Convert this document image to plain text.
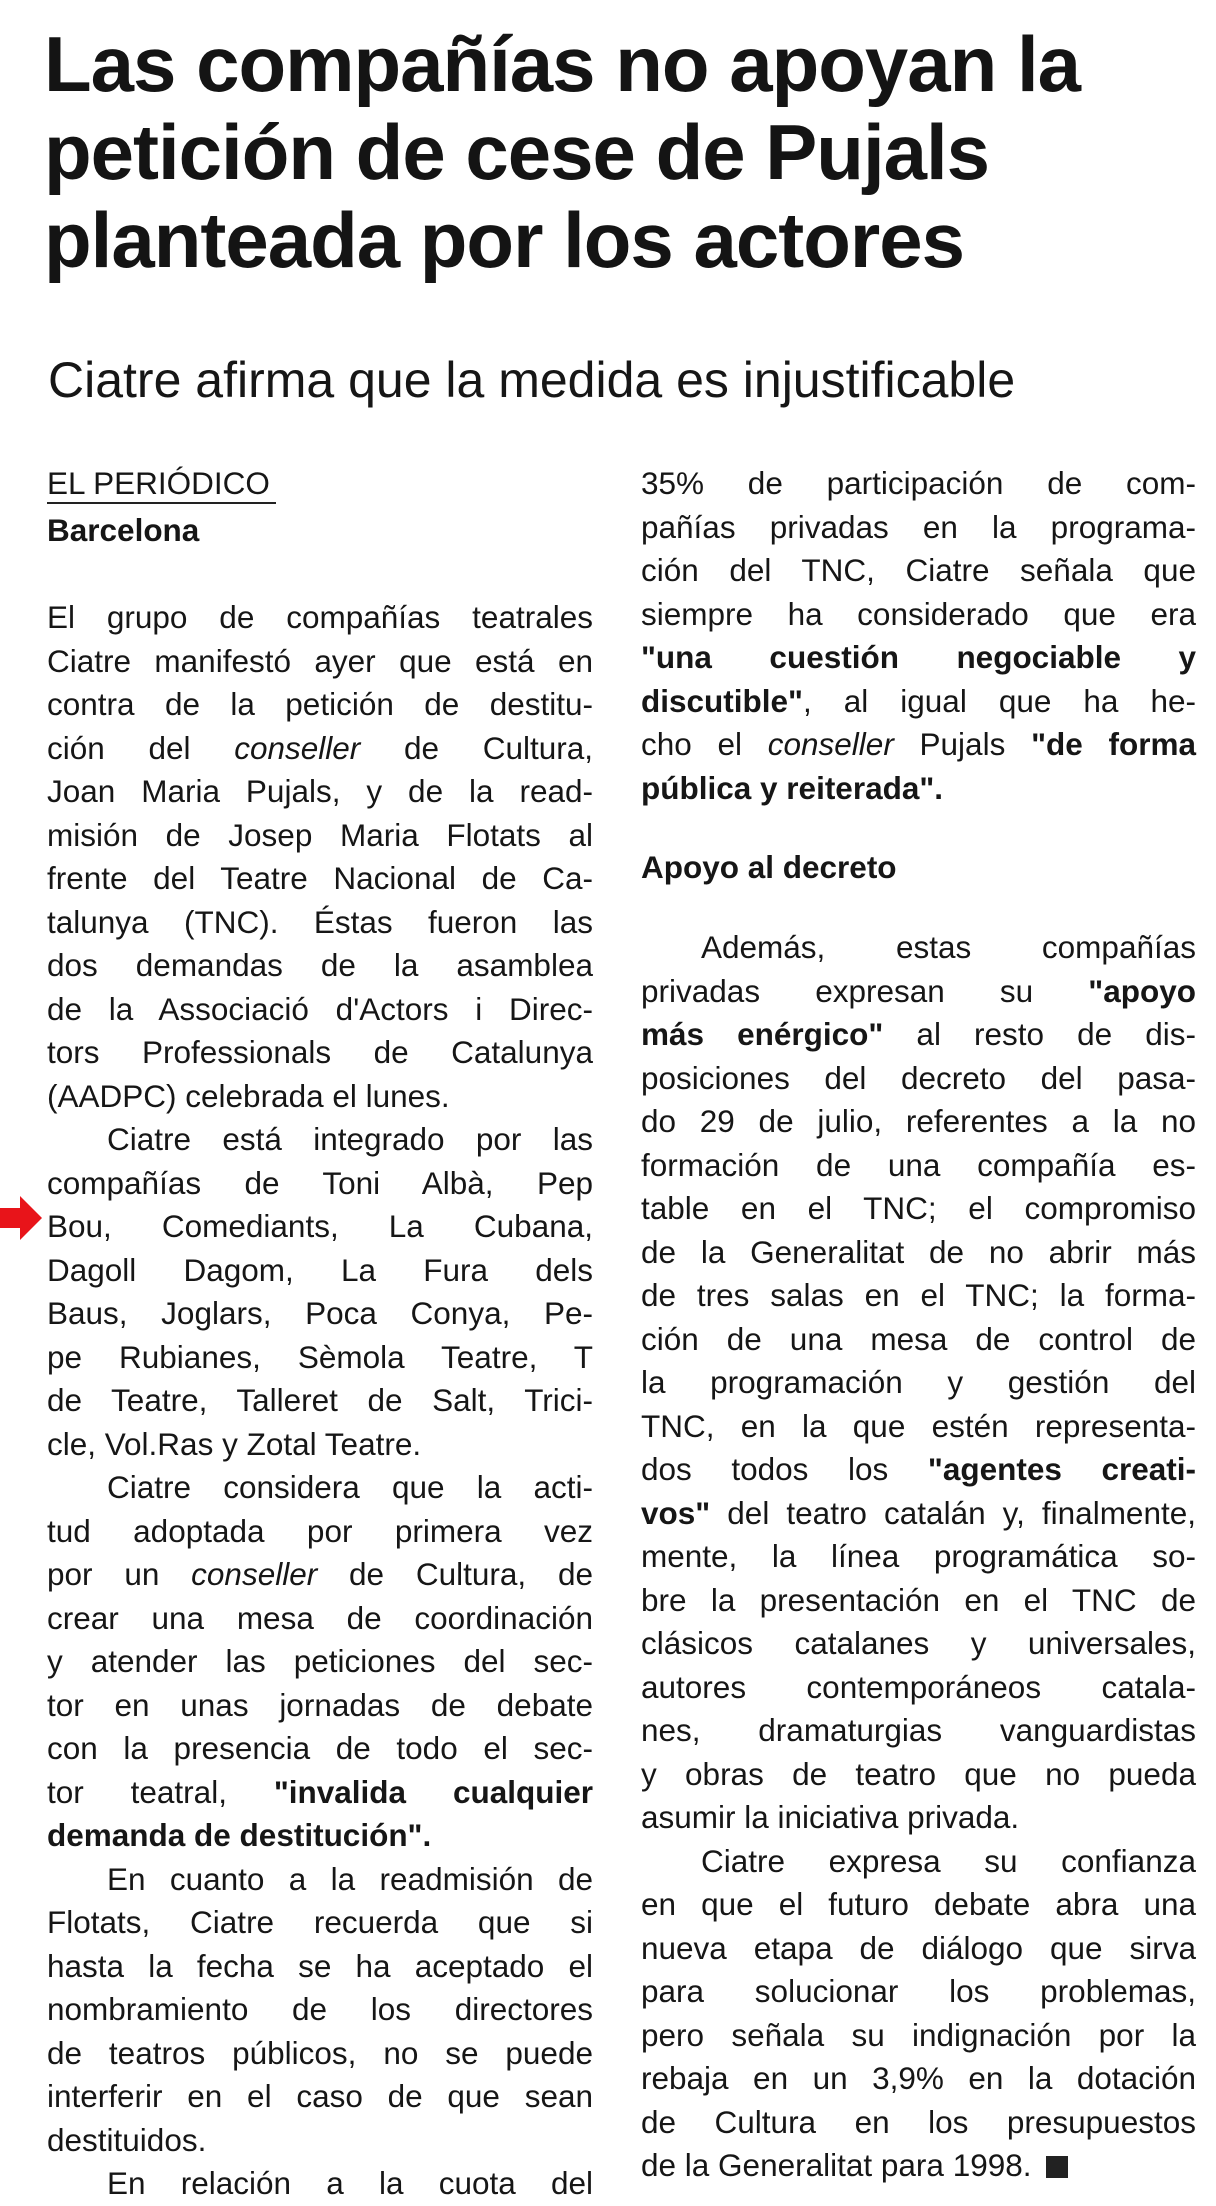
Las compañías no apoyan la
petición de cese de Pujals
planteada por los actores
Ciatre afirma que la medida es injustificable
EL PERIÓDICO
Barcelona
El grupo de compañías teatrales
Ciatre manifestó ayer que está en
contra de la petición de destitu-
ción del conseller de Cultura,
Joan Maria Pujals, y de la read-
misión de Josep Maria Flotats al
frente del Teatre Nacional de Ca-
talunya (TNC). Éstas fueron las
dos demandas de la asamblea
de la Associació d'Actors i Direc-
tors Professionals de Catalunya
(AADPC) celebrada el lunes.
Ciatre está integrado por las
compañías de Toni Albà, Pep
Bou, Comediants, La Cubana,
Dagoll Dagom, La Fura dels
Baus, Joglars, Poca Conya, Pe-
pe Rubianes, Sèmola Teatre, T
de Teatre, Talleret de Salt, Trici-
cle, Vol.Ras y Zotal Teatre.
Ciatre considera que la acti-
tud adoptada por primera vez
por un conseller de Cultura, de
crear una mesa de coordinación
y atender las peticiones del sec-
tor en unas jornadas de debate
con la presencia de todo el sec-
tor teatral, "invalida cualquier
demanda de destitución".
En cuanto a la readmisión de
Flotats, Ciatre recuerda que si
hasta la fecha se ha aceptado el
nombramiento de los directores
de teatros públicos, no se puede
interferir en el caso de que sean
destituidos.
En relación a la cuota del
35% de participación de com-
pañías privadas en la programa-
ción del TNC, Ciatre señala que
siempre ha considerado que era
"una cuestión negociable y
discutible", al igual que ha he-
cho el conseller Pujals "de forma
pública y reiterada".
Apoyo al decreto
Además, estas compañías
privadas expresan su "apoyo
más enérgico" al resto de dis-
posiciones del decreto del pasa-
do 29 de julio, referentes a la no
formación de una compañía es-
table en el TNC; el compromiso
de la Generalitat de no abrir más
de tres salas en el TNC; la forma-
ción de una mesa de control de
la programación y gestión del
TNC, en la que estén representa-
dos todos los "agentes creati-
vos" del teatro catalán y, finalmente,
mente, la línea programática so-
bre la presentación en el TNC de
clásicos catalanes y universales,
autores contemporáneos catala-
nes, dramaturgias vanguardistas
y obras de teatro que no pueda
asumir la iniciativa privada.
Ciatre expresa su confianza
en que el futuro debate abra una
nueva etapa de diálogo que sirva
para solucionar los problemas,
pero señala su indignación por la
rebaja en un 3,9% en la dotación
de Cultura en los presupuestos
de la Generalitat para 1998.
